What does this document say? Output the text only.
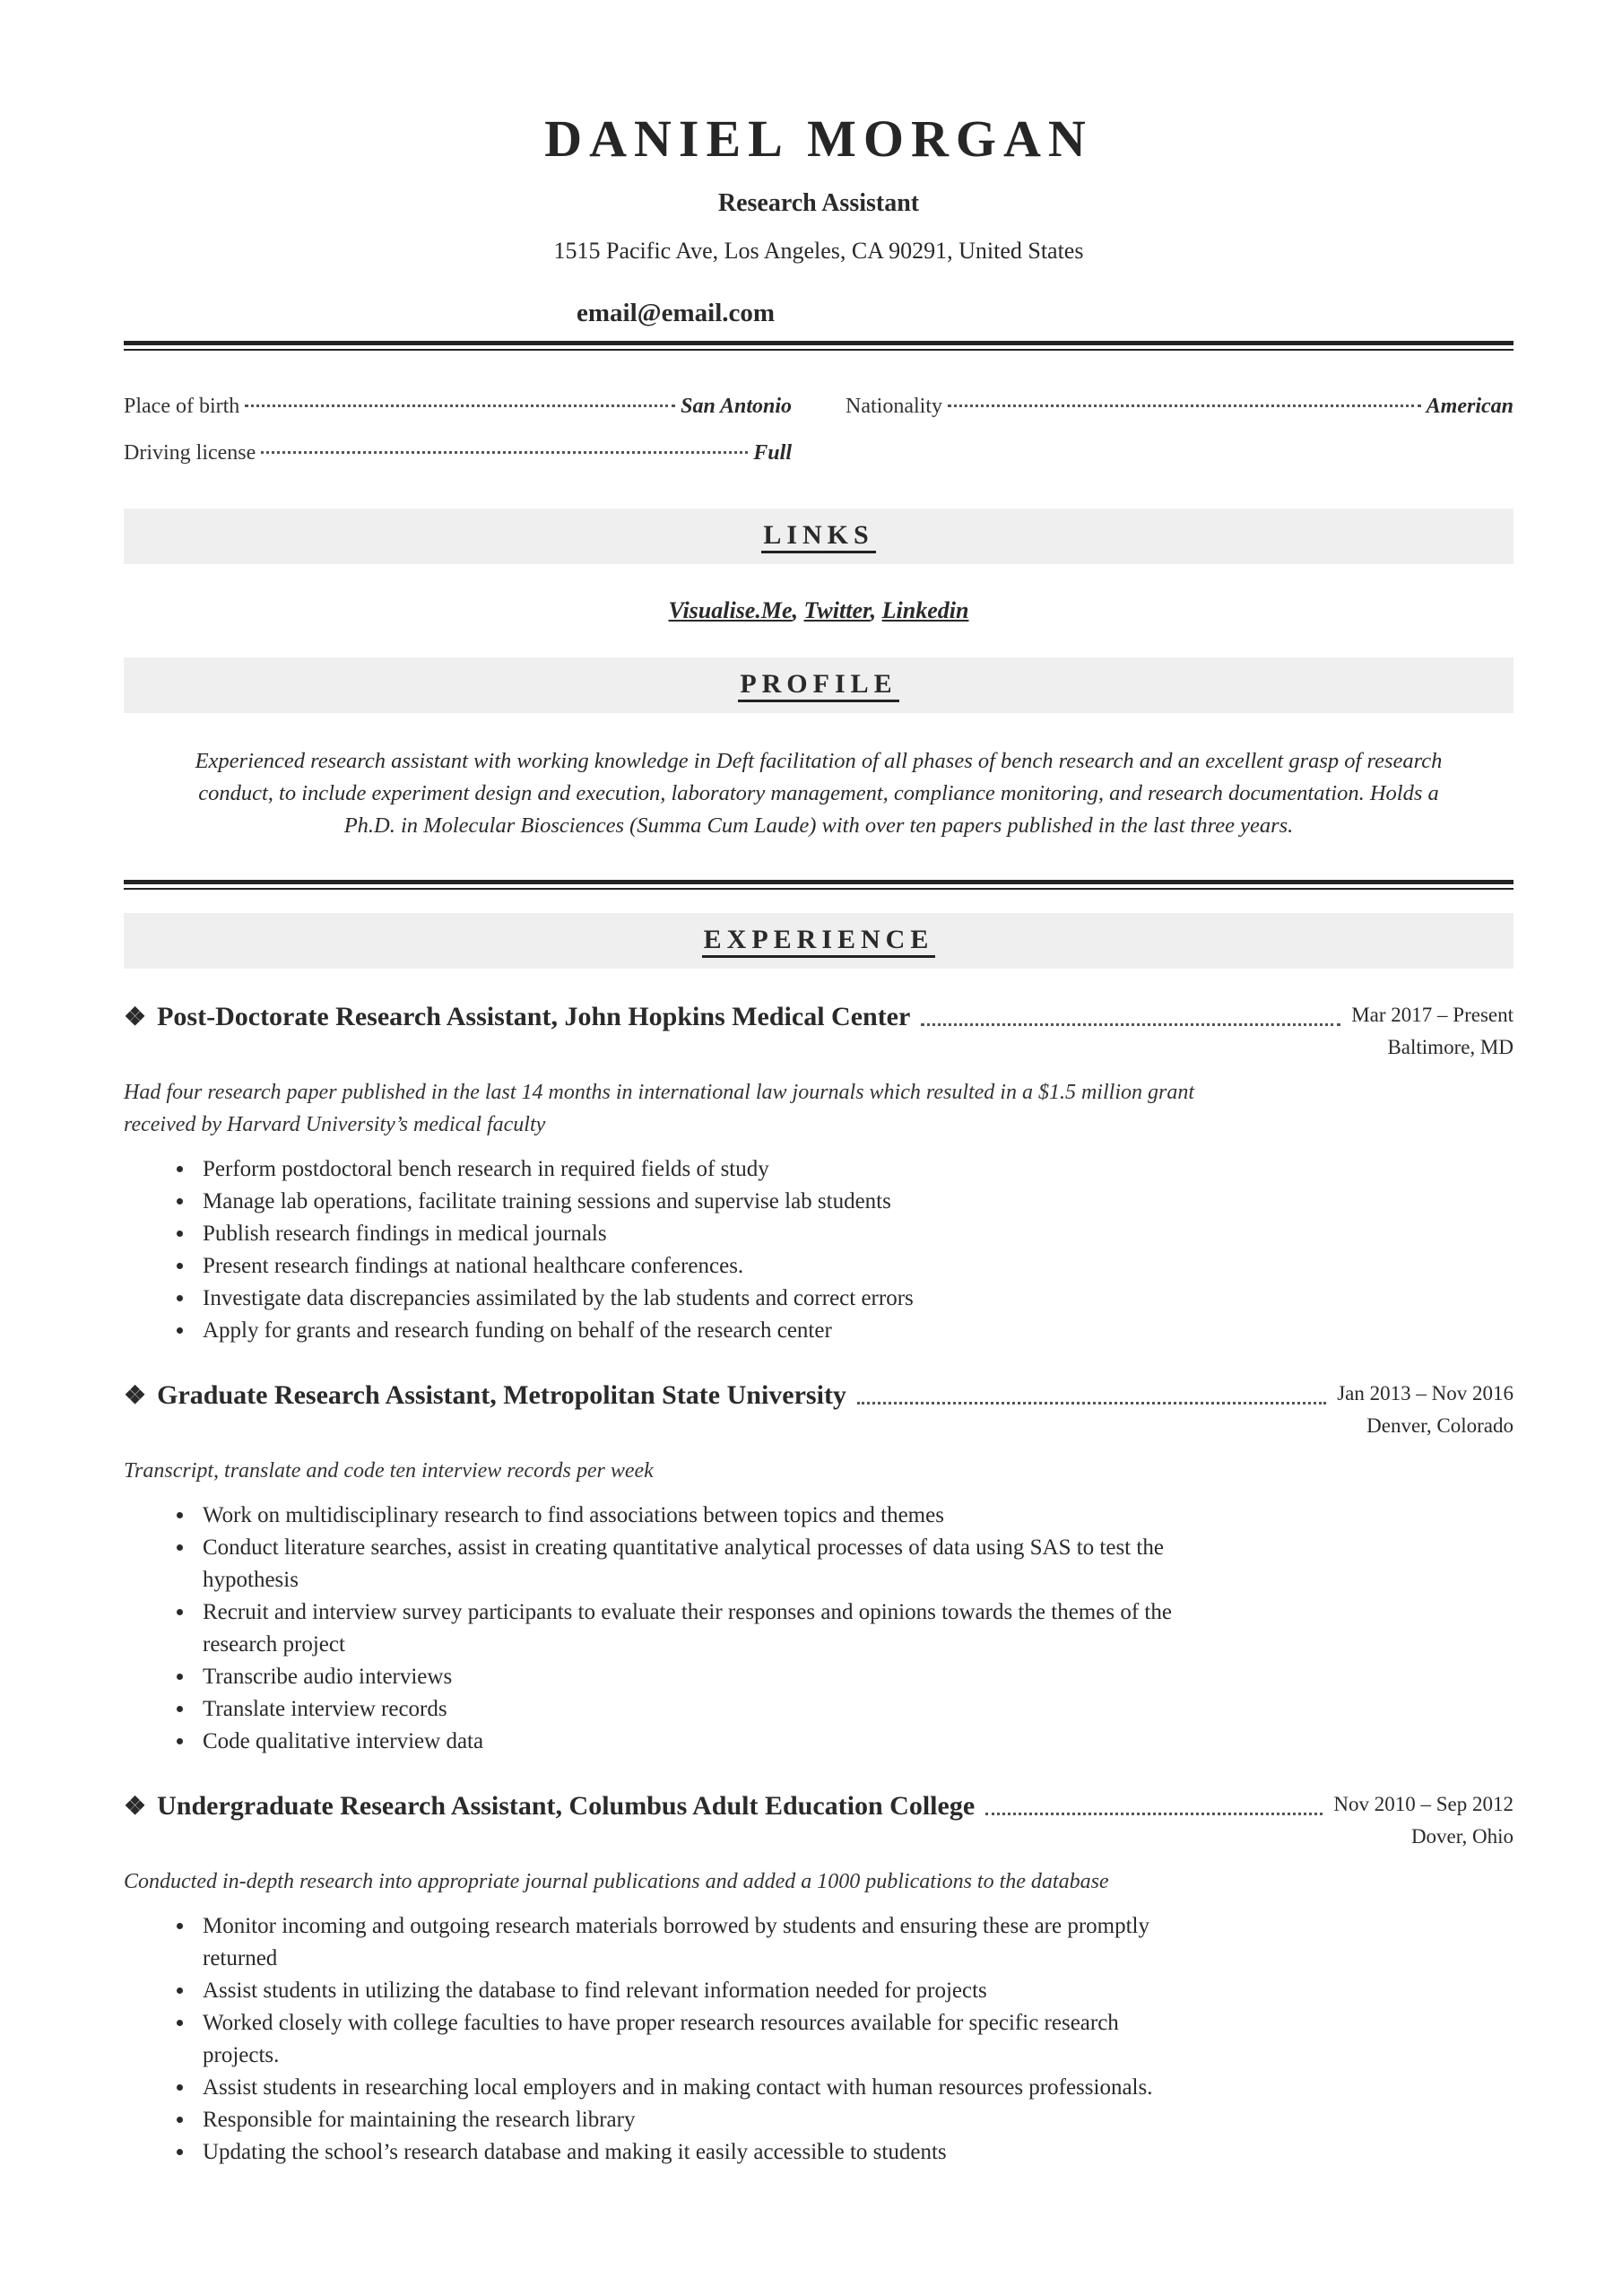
DANIEL MORGAN
Research Assistant
1515 Pacific Ave, Los Angeles, CA 90291, United States
email@email.com
Place of birth	San Antonio
Driving license	Full
Nationality	American
LINKS
Visualise.Me, Twitter, Linkedin
PROFILE
Experienced research assistant with working knowledge in Deft facilitation of all phases of bench research and an excellent grasp of research conduct, to include experiment design and execution, laboratory management, compliance monitoring, and research documentation. Holds a Ph.D. in Molecular Biosciences (Summa Cum Laude) with over ten papers published in the last three years.
EXPERIENCE
❖ Post-Doctorate Research Assistant, John Hopkins Medical Center	Mar 2017 – Present
Baltimore, MD
Had four research paper published in the last 14 months in international law journals which resulted in a $1.5 million grant received by Harvard University’s medical faculty
• Perform postdoctoral bench research in required fields of study
• Manage lab operations, facilitate training sessions and supervise lab students
• Publish research findings in medical journals
• Present research findings at national healthcare conferences.
• Investigate data discrepancies assimilated by the lab students and correct errors
• Apply for grants and research funding on behalf of the research center
❖ Graduate Research Assistant, Metropolitan State University	Jan 2013 – Nov 2016
Denver, Colorado
Transcript, translate and code ten interview records per week
• Work on multidisciplinary research to find associations between topics and themes
• Conduct literature searches, assist in creating quantitative analytical processes of data using SAS to test the hypothesis
• Recruit and interview survey participants to evaluate their responses and opinions towards the themes of the research project
• Transcribe audio interviews
• Translate interview records
• Code qualitative interview data
❖ Undergraduate Research Assistant, Columbus Adult Education College	Nov 2010 – Sep 2012
Dover, Ohio
Conducted in-depth research into appropriate journal publications and added a 1000 publications to the database
• Monitor incoming and outgoing research materials borrowed by students and ensuring these are promptly returned
• Assist students in utilizing the database to find relevant information needed for projects
• Worked closely with college faculties to have proper research resources available for specific research projects.
• Assist students in researching local employers and in making contact with human resources professionals.
• Responsible for maintaining the research library
• Updating the school’s research database and making it easily accessible to students
